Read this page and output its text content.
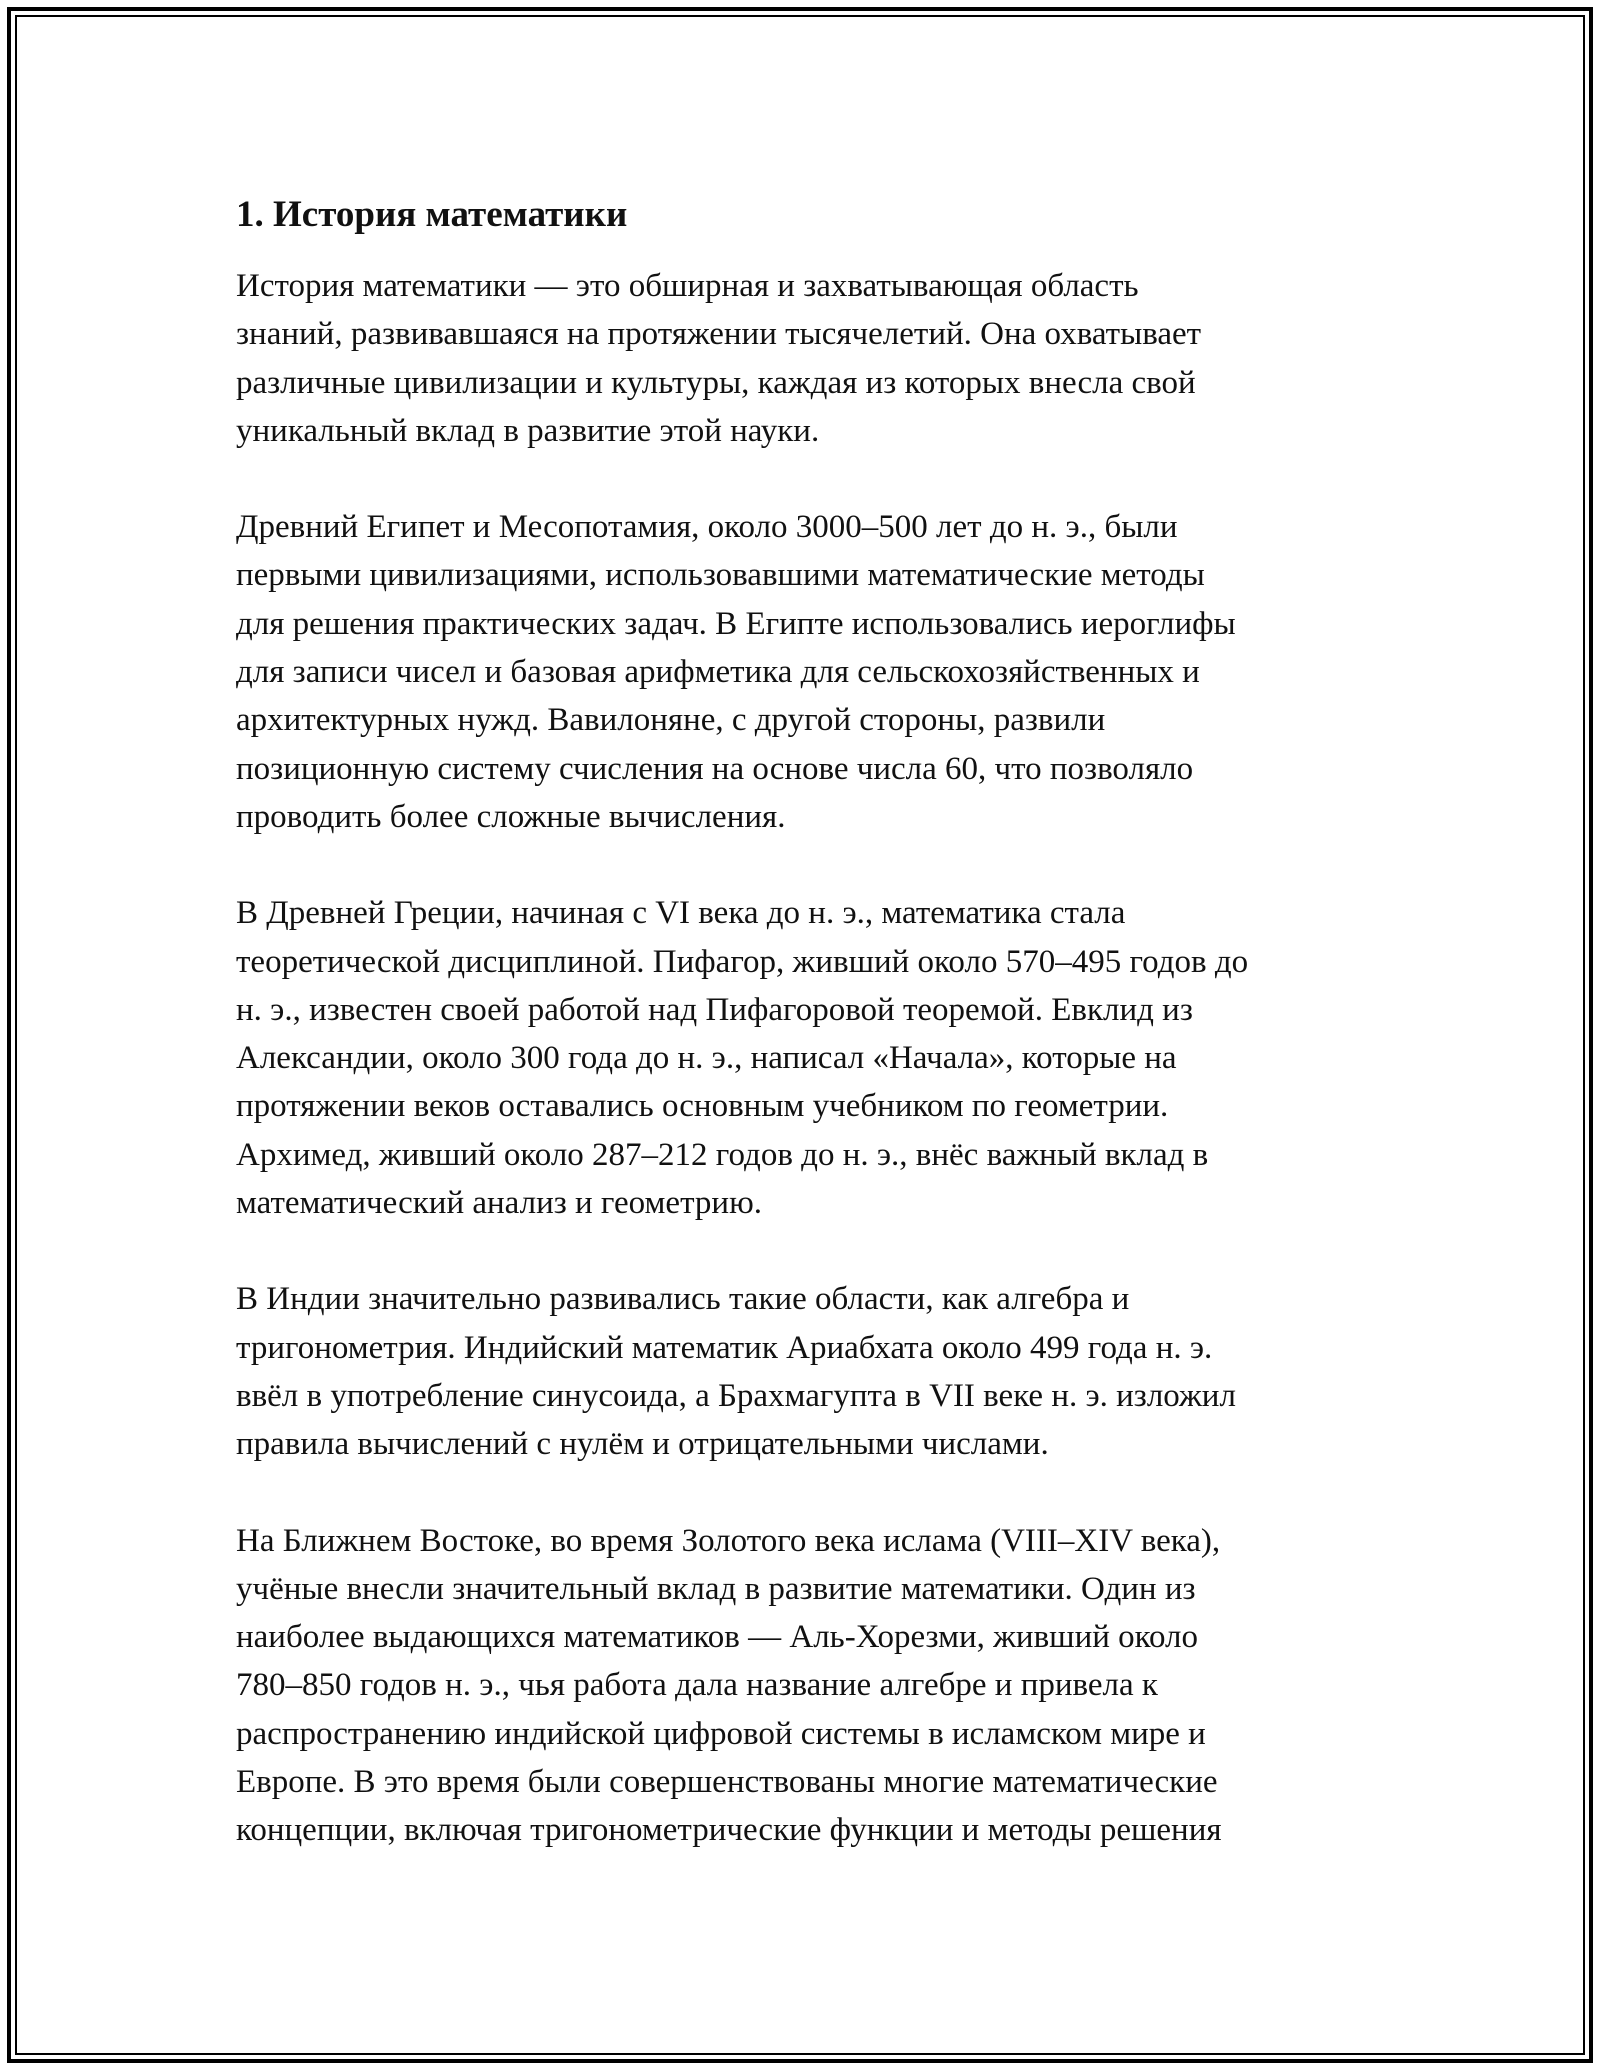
1. История математики

История математики — это обширная и захватывающая область
знаний, развивавшаяся на протяжении тысячелетий. Она охватывает
различные цивилизации и культуры, каждая из которых внесла свой
уникальный вклад в развитие этой науки.

Древний Египет и Месопотамия, около 3000–500 лет до н. э., были
первыми цивилизациями, использовавшими математические методы
для решения практических задач. В Египте использовались иероглифы
для записи чисел и базовая арифметика для сельскохозяйственных и
архитектурных нужд. Вавилоняне, с другой стороны, развили
позиционную систему счисления на основе числа 60, что позволяло
проводить более сложные вычисления.

В Древней Греции, начиная с VI века до н. э., математика стала
теоретической дисциплиной. Пифагор, живший около 570–495 годов до
н. э., известен своей работой над Пифагоровой теоремой. Евклид из
Александии, около 300 года до н. э., написал «Начала», которые на
протяжении веков оставались основным учебником по геометрии.
Архимед, живший около 287–212 годов до н. э., внёс важный вклад в
математический анализ и геометрию.

В Индии значительно развивались такие области, как алгебра и
тригонометрия. Индийский математик Ариабхата около 499 года н. э.
ввёл в употребление синусоида, а Брахмагупта в VII веке н. э. изложил
правила вычислений с нулём и отрицательными числами.

На Ближнем Востоке, во время Золотого века ислама (VIII–XIV века),
учёные внесли значительный вклад в развитие математики. Один из
наиболее выдающихся математиков — Аль-Хорезми, живший около
780–850 годов н. э., чья работа дала название алгебре и привела к
распространению индийской цифровой системы в исламском мире и
Европе. В это время были совершенствованы многие математические
концепции, включая тригонометрические функции и методы решения
